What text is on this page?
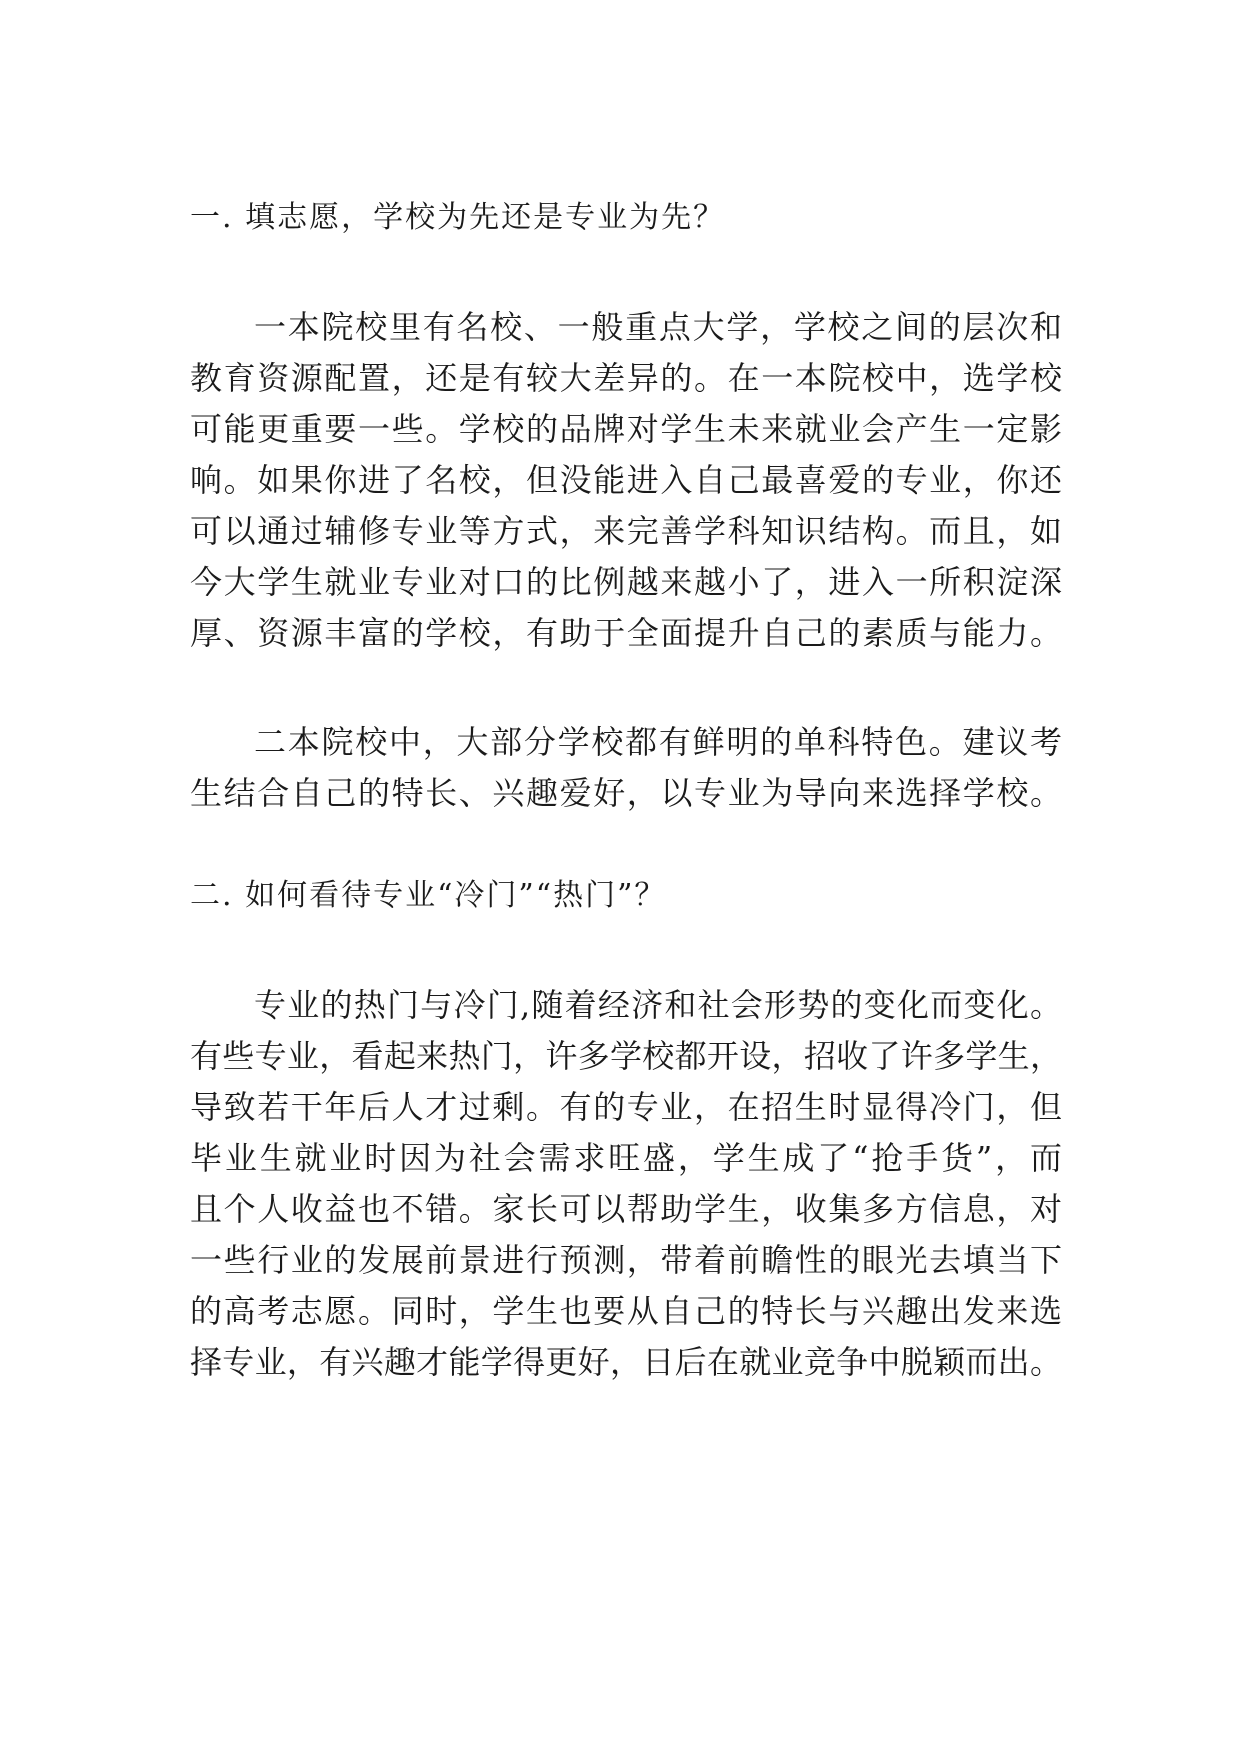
一. 填志愿，学校为先还是专业为先？

一本院校里有名校、一般重点大学，学校之间的层次和

教育资源配置，还是有较大差异的。在一本院校中，选学校

可能更重要一些。学校的品牌对学生未来就业会产生一定影

响。如果你进了名校，但没能进入自己最喜爱的专业，你还

可以通过辅修专业等方式，来完善学科知识结构。而且，如

今大学生就业专业对口的比例越来越小了，进入一所积淀深

厚、资源丰富的学校，有助于全面提升自己的素质与能力。

二本院校中，大部分学校都有鲜明的单科特色。建议考

生结合自己的特长、兴趣爱好，以专业为导向来选择学校。

二. 如何看待专业“冷门”“热门”？

专业的热门与冷门,随着经济和社会形势的变化而变化。

有些专业，看起来热门，许多学校都开设，招收了许多学生，

导致若干年后人才过剩。有的专业，在招生时显得冷门，但

毕业生就业时因为社会需求旺盛，学生成了“抢手货”，而

且个人收益也不错。家长可以帮助学生，收集多方信息，对

一些行业的发展前景进行预测，带着前瞻性的眼光去填当下

的高考志愿。同时，学生也要从自己的特长与兴趣出发来选

择专业，有兴趣才能学得更好，日后在就业竞争中脱颖而出。
